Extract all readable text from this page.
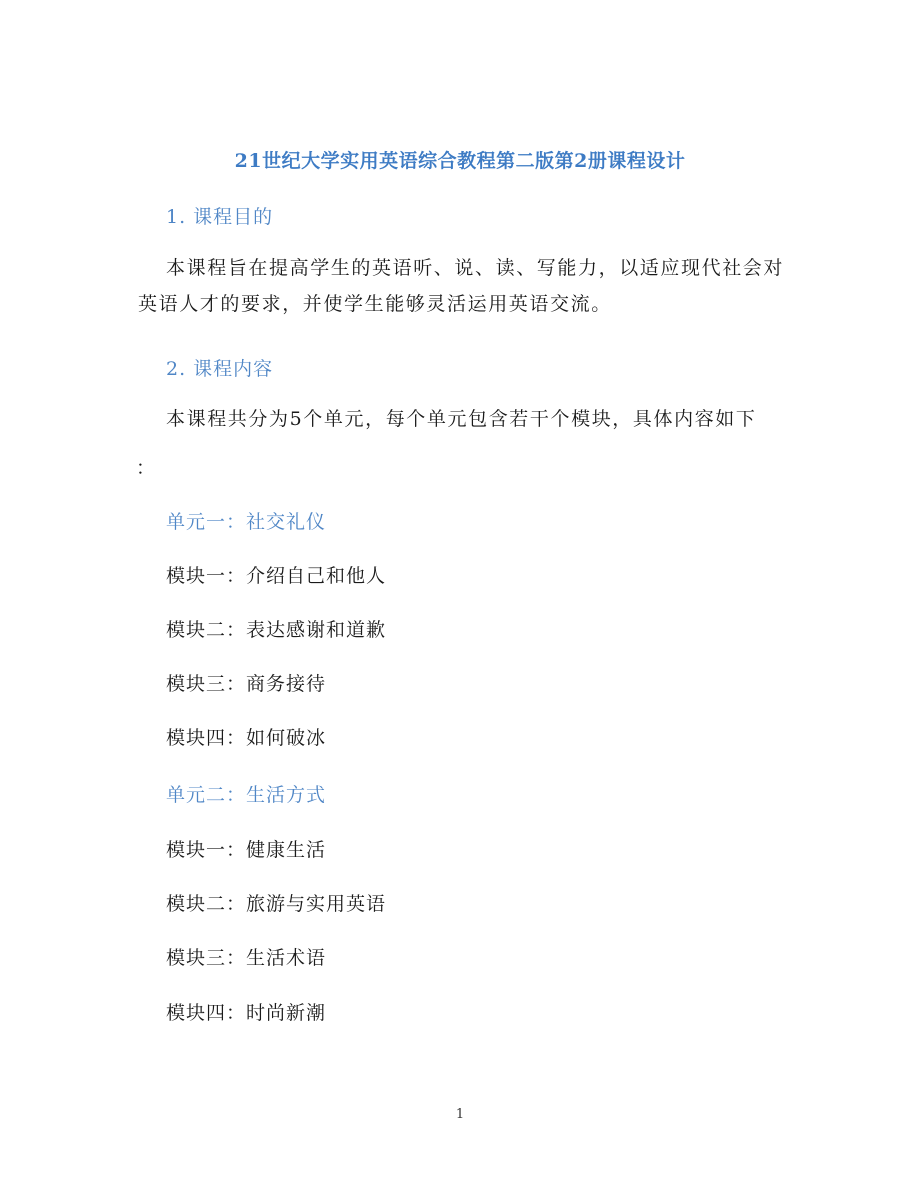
21世纪大学实用英语综合教程第二版第2册课程设计
1. 课程目的
本课程旨在提高学生的英语听、说、读、写能力，以适应现代社会对英语人才的要求，并使学生能够灵活运用英语交流。
2. 课程内容
本课程共分为5个单元，每个单元包含若干个模块，具体内容如下
：
单元一：社交礼仪
模块一：介绍自己和他人
模块二：表达感谢和道歉
模块三：商务接待
模块四：如何破冰
单元二：生活方式
模块一：健康生活
模块二：旅游与实用英语
模块三：生活术语
模块四：时尚新潮
1
